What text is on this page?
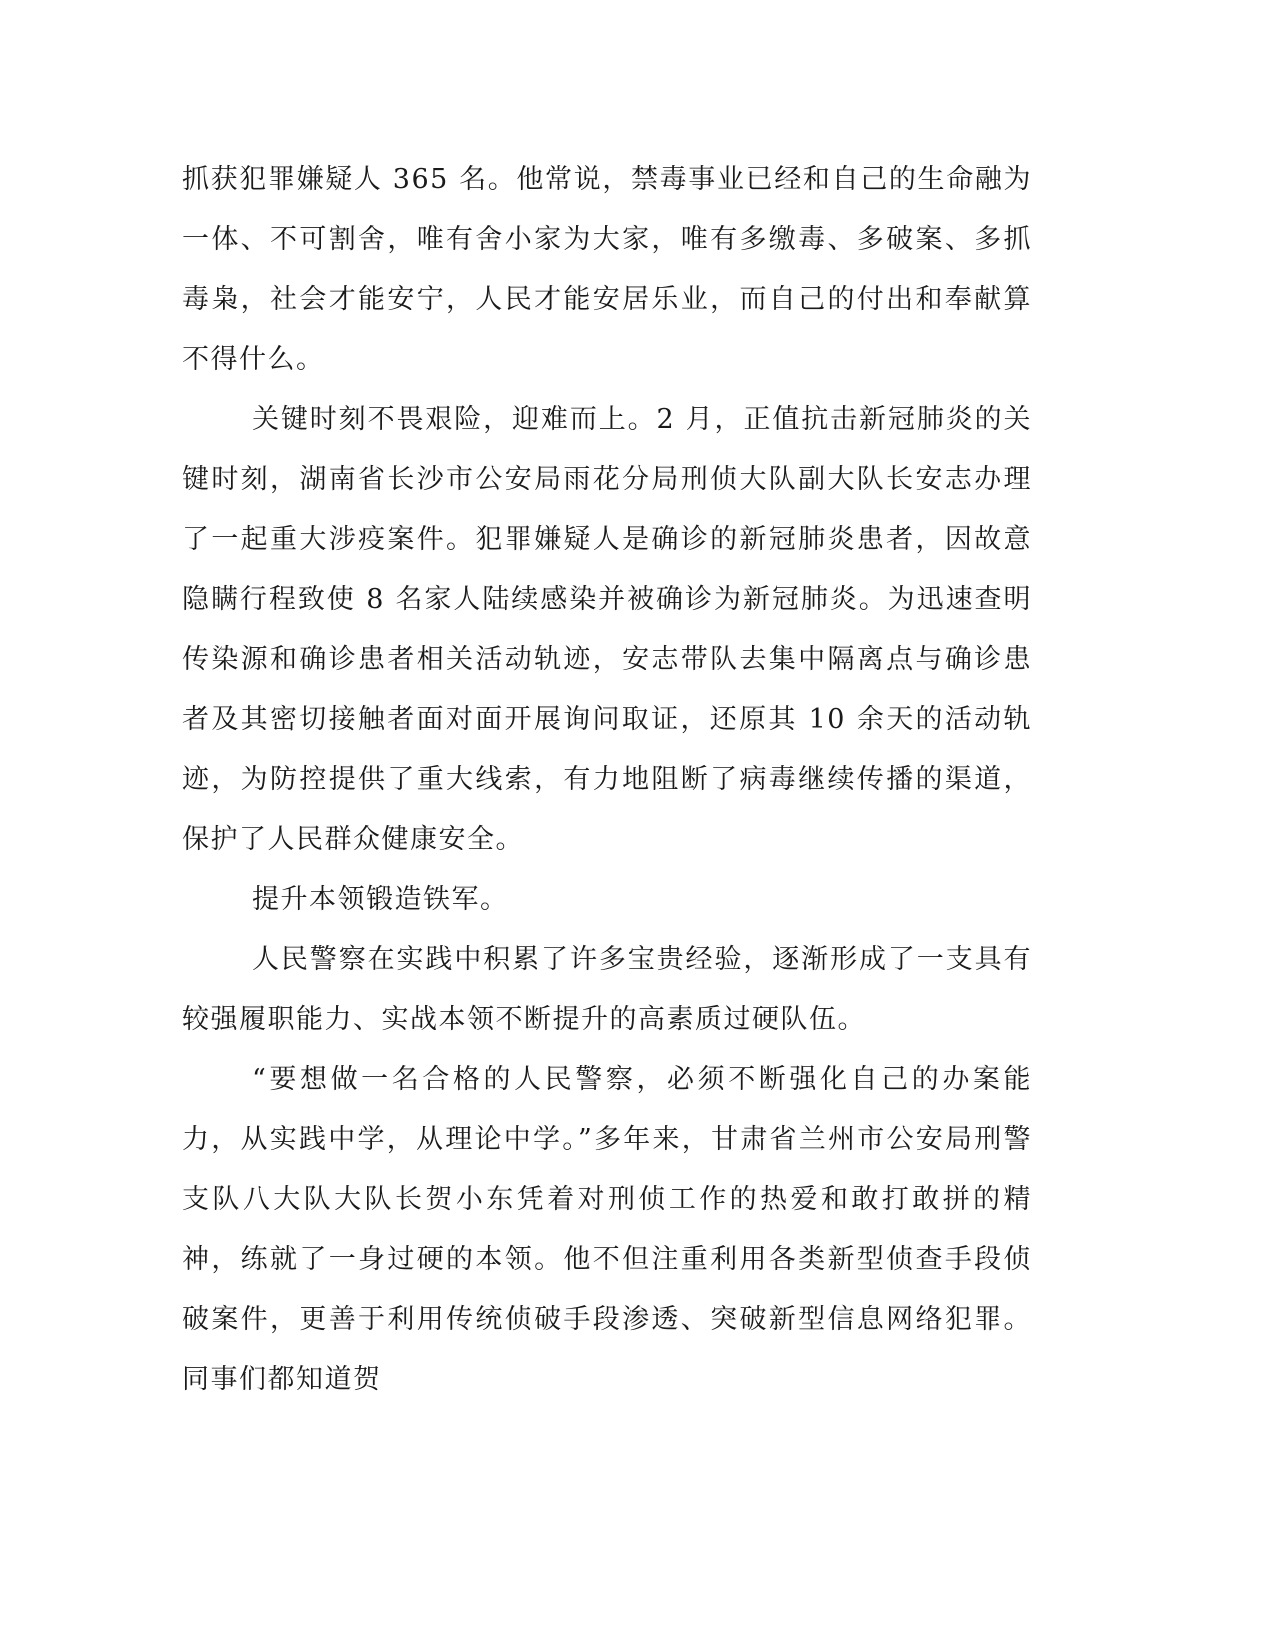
抓获犯罪嫌疑人 365 名。他常说，禁毒事业已经和自己的生命融为一体、不可割舍，唯有舍小家为大家，唯有多缴毒、多破案、多抓毒枭，社会才能安宁，人民才能安居乐业，而自己的付出和奉献算不得什么。

关键时刻不畏艰险，迎难而上。2 月，正值抗击新冠肺炎的关键时刻，湖南省长沙市公安局雨花分局刑侦大队副大队长安志办理了一起重大涉疫案件。犯罪嫌疑人是确诊的新冠肺炎患者，因故意隐瞒行程致使 8 名家人陆续感染并被确诊为新冠肺炎。为迅速查明传染源和确诊患者相关活动轨迹，安志带队去集中隔离点与确诊患者及其密切接触者面对面开展询问取证，还原其 10 余天的活动轨迹，为防控提供了重大线索，有力地阻断了病毒继续传播的渠道，保护了人民群众健康安全。

提升本领锻造铁军。

人民警察在实践中积累了许多宝贵经验，逐渐形成了一支具有较强履职能力、实战本领不断提升的高素质过硬队伍。

“要想做一名合格的人民警察，必须不断强化自己的办案能力，从实践中学，从理论中学。”多年来，甘肃省兰州市公安局刑警支队八大队大队长贺小东凭着对刑侦工作的热爱和敢打敢拼的精神，练就了一身过硬的本领。他不但注重利用各类新型侦查手段侦破案件，更善于利用传统侦破手段渗透、突破新型信息网络犯罪。同事们都知道贺
